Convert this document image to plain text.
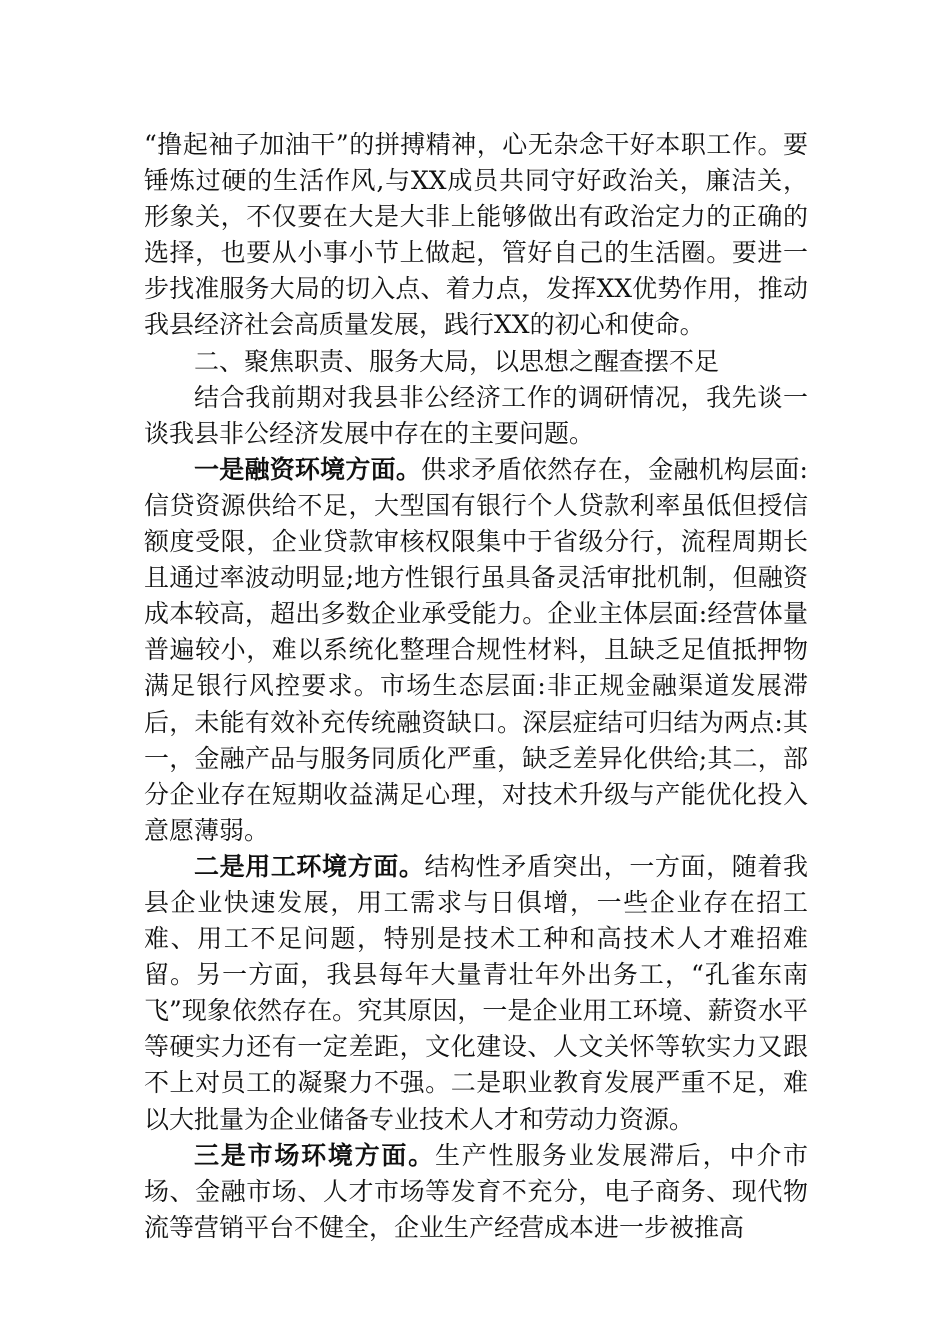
“撸起袖子加油干”的拼搏精神，心无杂念干好本职工作。要锤炼过硬的生活作风,与XX成员共同守好政治关，廉洁关，形象关，不仅要在大是大非上能够做出有政治定力的正确的选择，也要从小事小节上做起，管好自己的生活圈。要进一步找准服务大局的切入点、着力点，发挥XX优势作用，推动我县经济社会高质量发展，践行XX的初心和使命。

二、聚焦职责、服务大局，以思想之醒查摆不足

结合我前期对我县非公经济工作的调研情况，我先谈一谈我县非公经济发展中存在的主要问题。

一是融资环境方面。供求矛盾依然存在，金融机构层面:信贷资源供给不足，大型国有银行个人贷款利率虽低但授信额度受限，企业贷款审核权限集中于省级分行，流程周期长且通过率波动明显;地方性银行虽具备灵活审批机制，但融资成本较高，超出多数企业承受能力。企业主体层面:经营体量普遍较小，难以系统化整理合规性材料，且缺乏足值抵押物满足银行风控要求。市场生态层面:非正规金融渠道发展滞后，未能有效补充传统融资缺口。深层症结可归结为两点:其一，金融产品与服务同质化严重，缺乏差异化供给;其二，部分企业存在短期收益满足心理，对技术升级与产能优化投入意愿薄弱。

二是用工环境方面。结构性矛盾突出，一方面，随着我县企业快速发展，用工需求与日俱增，一些企业存在招工难、用工不足问题，特别是技术工种和高技术人才难招难留。另一方面，我县每年大量青壮年外出务工，“孔雀东南飞”现象依然存在。究其原因，一是企业用工环境、薪资水平等硬实力还有一定差距，文化建设、人文关怀等软实力又跟不上对员工的凝聚力不强。二是职业教育发展严重不足，难以大批量为企业储备专业技术人才和劳动力资源。

三是市场环境方面。生产性服务业发展滞后，中介市场、金融市场、人才市场等发育不充分，电子商务、现代物流等营销平台不健全，企业生产经营成本进一步被推高
